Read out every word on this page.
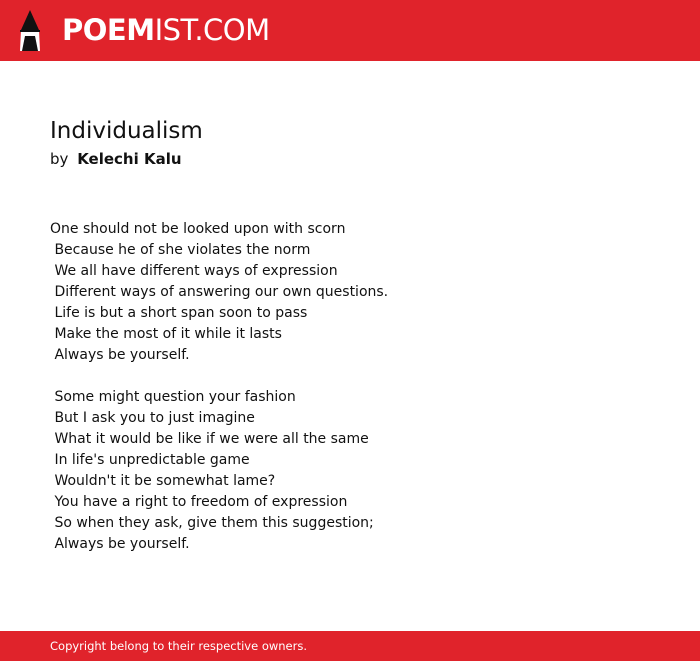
POEMIST.COM
Individualism
by Kelechi Kalu
One should not be looked upon with scorn
Because he of she violates the norm
We all have different ways of expression
Different ways of answering our own questions.
Life is but a short span soon to pass
Make the most of it while it lasts
Always be yourself.
Some might question your fashion
But I ask you to just imagine
What it would be like if we were all the same
In life's unpredictable game
Wouldn't it be somewhat lame?
You have a right to freedom of expression
So when they ask, give them this suggestion;
Always be yourself.
Copyright belong to their respective owners.
